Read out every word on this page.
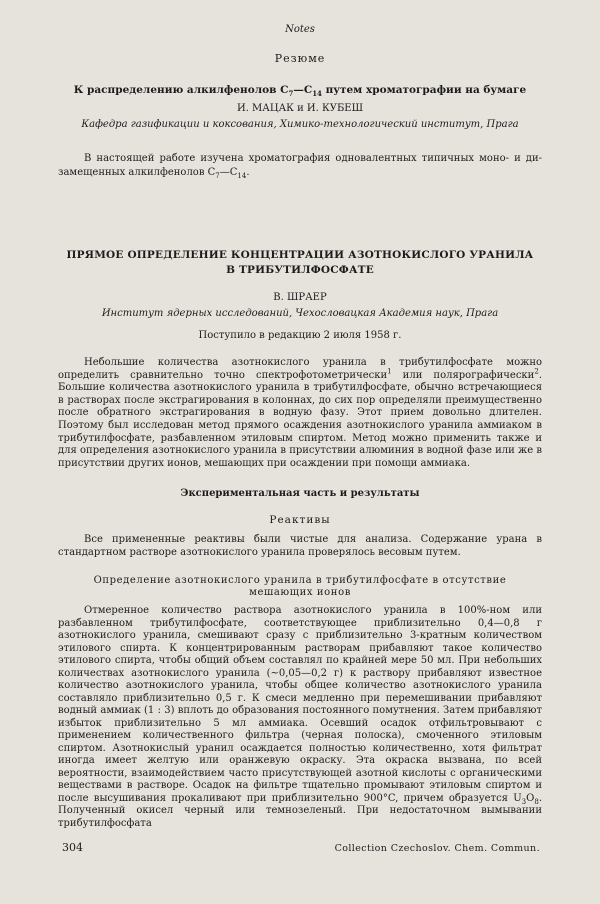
Notes
Резюме
К распределению алкилфенолов $C_7—C_{14}$ путем хроматографии на бумаге
И. МАЦАК и И. КУБЕШ
Кафедра газификации и коксования, Химико-технологический институт, Прага
В настоящей работе изучена хроматография одновалентных типичных моно- и ди-замещенных алкилфенолов $C_7—C_{14}$.
ПРЯМОЕ ОПРЕДЕЛЕНИЕ КОНЦЕНТРАЦИИ АЗОТНОКИСЛОГО УРАНИЛА
В ТРИБУТИЛФОСФАТЕ
В. ШРАЕР
Институт ядерных исследований, Чехословацкая Академия наук, Прага
Поступило в редакцию 2 июля 1958 г.

Небольшие количества азотнокислого уранила в трибутилфосфате можно определить сравнительно точно спектрофотометрически$^1$ или полярографически$^2$. Большие количества азотнокислого уранила в трибутилфосфате, обычно встречающиеся в растворах после экстрагирования в колоннах, до сих пор определяли преимущественно после обратного экстрагирования в водную фазу. Этот прием довольно длителен. Поэтому был исследован метод прямого осаждения азотнокислого уранила аммиаком в трибутилфосфате, разбавленном этиловым спиртом. Метод можно применить также и для определения азотнокислого уранила в присутствии алюминия в водной фазе или же в присутствии других ионов, мешающих при осаждении при помощи аммиака.

Экспериментальная часть и результаты
Реактивы

Все примененные реактивы были чистые для анализа. Содержание урана в стандартном растворе азотнокислого уранила проверялось весовым путем.

Определение азотнокислого уранила в трибутилфосфате в отсутствие
мешающих ионов

Отмеренное количество раствора азотнокислого уранила в 100%-ном или разбавленном трибутилфосфате, соответствующее приблизительно 0,4—0,8 г азотнокислого уранила, смешивают сразу с приблизительно 3-кратным количеством этилового спирта. К концентрированным растворам прибавляют такое количество этилового спирта, чтобы общий объем составлял по крайней мере 50 мл. При небольших количествах азотнокислого уранила (~0,05—0,2 г) к раствору прибавляют известное количество азотнокислого уранила, чтобы общее количество азотнокислого уранила составляло приблизительно 0,5 г. К смеси медленно при перемешивании прибавляют водный аммиак (1 : 3) вплоть до образования постоянного помутнения. Затем прибавляют избыток приблизительно 5 мл аммиака. Осевший осадок отфильтровывают с применением количественного фильтра (черная полоска), смоченного этиловым спиртом. Азотнокислый уранил осаждается полностью количественно, хотя фильтрат иногда имеет желтую или оранжевую окраску. Эта окраска вызвана, по всей вероятности, взаимодействием часто присутствующей азотной кислоты с органическими веществами в растворе. Осадок на фильтре тщательно промывают этиловым спиртом и после высушивания прокаливают при приблизительно 900°C, причем образуется $U_3O_8$. Полученный окисел черный или темнозеленый. При недостаточном вымывании трибутилфосфата

304	Collection Czechoslov. Chem. Commun.
